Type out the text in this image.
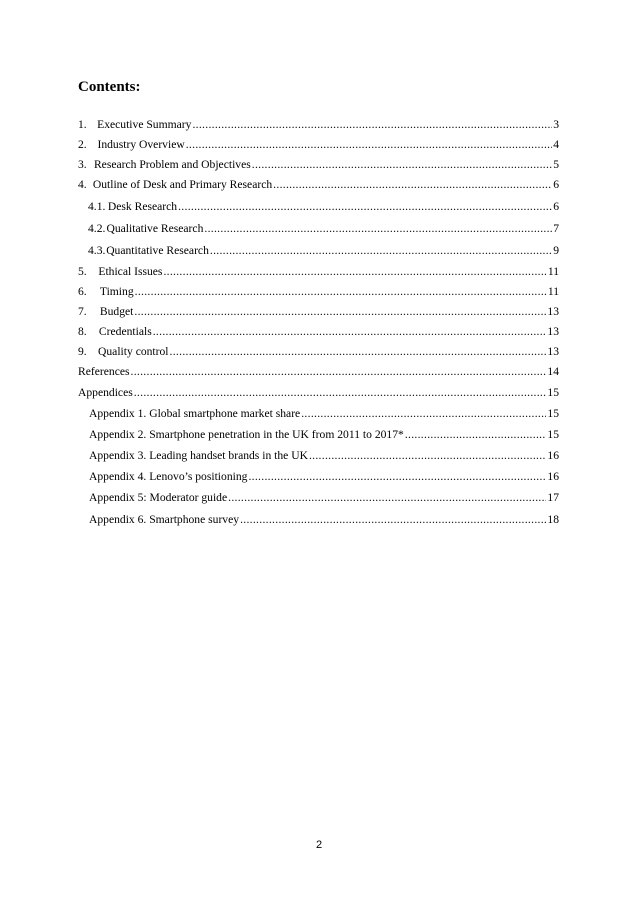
Contents:
1. Executive Summary .....	3
2. Industry Overview .....	4
3. Research Problem and Objectives .....	5
4. Outline of Desk and Primary Research .....	6
4.1. Desk Research .....	6
4.2. Qualitative Research .....	7
4.3. Quantitative Research .....	9
5.	Ethical Issues .....	11
6.	Timing .....	11
7.	Budget .....	13
8.	Credentials .....	13
9. Quality control .....	13
References .....	14
Appendices .....	15
Appendix 1. Global smartphone market share .....	15
Appendix 2. Smartphone penetration in the UK from 2011 to 2017* .....	15
Appendix 3. Leading handset brands in the UK .....	16
Appendix 4. Lenovo’s positioning .....	16
Appendix 5: Moderator guide .....	17
Appendix 6. Smartphone survey .....	18
2
